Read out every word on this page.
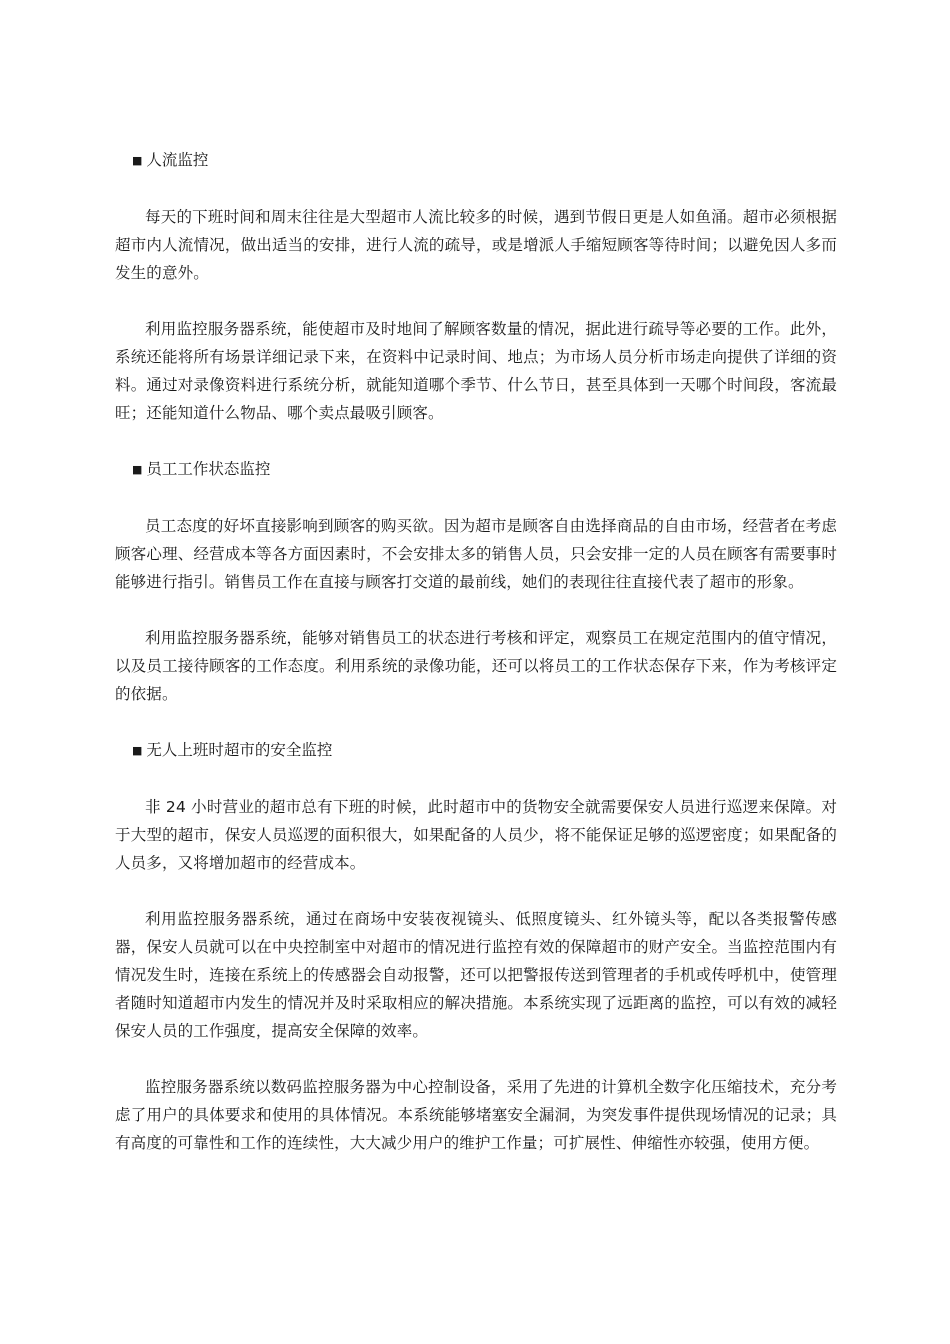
■ 人流监控

每天的下班时间和周末往往是大型超市人流比较多的时候，遇到节假日更是人如鱼涌。超市必须根据超市内人流情况，做出适当的安排，进行人流的疏导，或是增派人手缩短顾客等待时间；以避免因人多而发生的意外。

利用监控服务器系统，能使超市及时地间了解顾客数量的情况，据此进行疏导等必要的工作。此外，系统还能将所有场景详细记录下来，在资料中记录时间、地点；为市场人员分析市场走向提供了详细的资料。通过对录像资料进行系统分析，就能知道哪个季节、什么节日，甚至具体到一天哪个时间段，客流最旺；还能知道什么物品、哪个卖点最吸引顾客。

■ 员工工作状态监控

员工态度的好坏直接影响到顾客的购买欲。因为超市是顾客自由选择商品的自由市场，经营者在考虑顾客心理、经营成本等各方面因素时，不会安排太多的销售人员，只会安排一定的人员在顾客有需要事时能够进行指引。销售员工作在直接与顾客打交道的最前线，她们的表现往往直接代表了超市的形象。

利用监控服务器系统，能够对销售员工的状态进行考核和评定，观察员工在规定范围内的值守情况，以及员工接待顾客的工作态度。利用系统的录像功能，还可以将员工的工作状态保存下来，作为考核评定的依据。

■ 无人上班时超市的安全监控

非 24 小时营业的超市总有下班的时候，此时超市中的货物安全就需要保安人员进行巡逻来保障。对于大型的超市，保安人员巡逻的面积很大，如果配备的人员少，将不能保证足够的巡逻密度；如果配备的人员多，又将增加超市的经营成本。

利用监控服务器系统，通过在商场中安装夜视镜头、低照度镜头、红外镜头等，配以各类报警传感器，保安人员就可以在中央控制室中对超市的情况进行监控有效的保障超市的财产安全。当监控范围内有情况发生时，连接在系统上的传感器会自动报警，还可以把警报传送到管理者的手机或传呼机中，使管理者随时知道超市内发生的情况并及时采取相应的解决措施。本系统实现了远距离的监控，可以有效的减轻保安人员的工作强度，提高安全保障的效率。

监控服务器系统以数码监控服务器为中心控制设备，采用了先进的计算机全数字化压缩技术，充分考虑了用户的具体要求和使用的具体情况。本系统能够堵塞安全漏洞，为突发事件提供现场情况的记录；具有高度的可靠性和工作的连续性，大大减少用户的维护工作量；可扩展性、伸缩性亦较强，使用方便。
